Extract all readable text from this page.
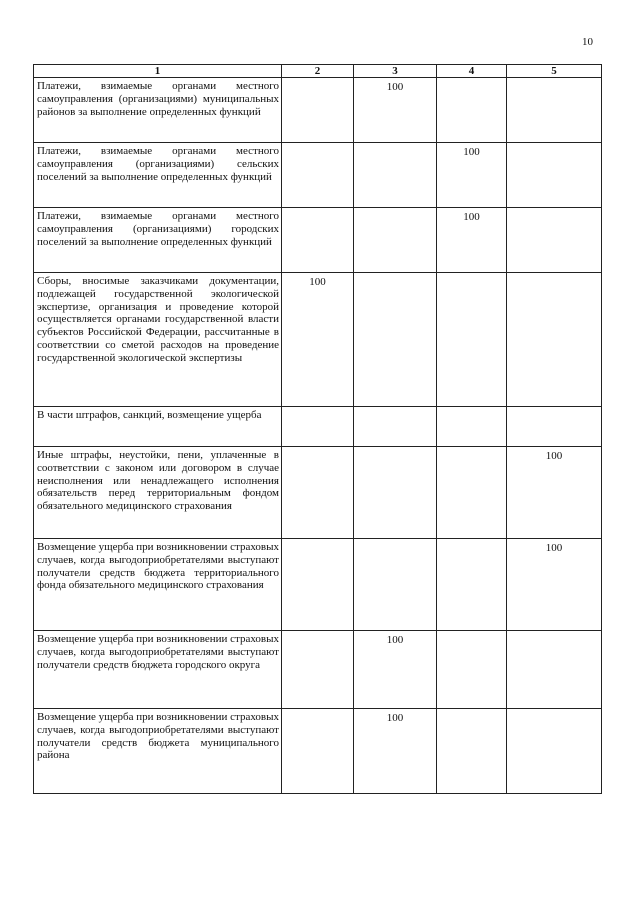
10
1	2	3	4	5
Платежи, взимаемые органами местного самоуправления (организациями) муниципальных районов за выполнение определенных функций		100		
Платежи, взимаемые органами местного самоуправления (организациями) сельских поселений за выполнение определенных функций			100	
Платежи, взимаемые органами местного самоуправления (организациями) городских поселений за выполнение определенных функций			100	
Сборы, вносимые заказчиками документации, подлежащей государственной экологической экспертизе, организация и проведение которой осуществляется органами государственной власти субъектов Российской Федерации, рассчитанные в соответствии со сметой расходов на проведение государственной экологической экспертизы	100			
В части штрафов, санкций, возмещение ущерба				
Иные штрафы, неустойки, пени, уплаченные в соответствии с законом или договором в случае неисполнения или ненадлежащего исполнения обязательств перед территориальным фондом обязательного медицинского страхования				100
Возмещение ущерба при возникновении страховых случаев, когда выгодоприобретателями выступают получатели средств бюджета территориального фонда обязательного медицинского страхования				100
Возмещение ущерба при возникновении страховых случаев, когда выгодоприобретателями выступают получатели средств бюджета городского округа		100		
Возмещение ущерба при возникновении страховых случаев, когда выгодоприобретателями выступают получатели средств бюджета муниципального района		100		
